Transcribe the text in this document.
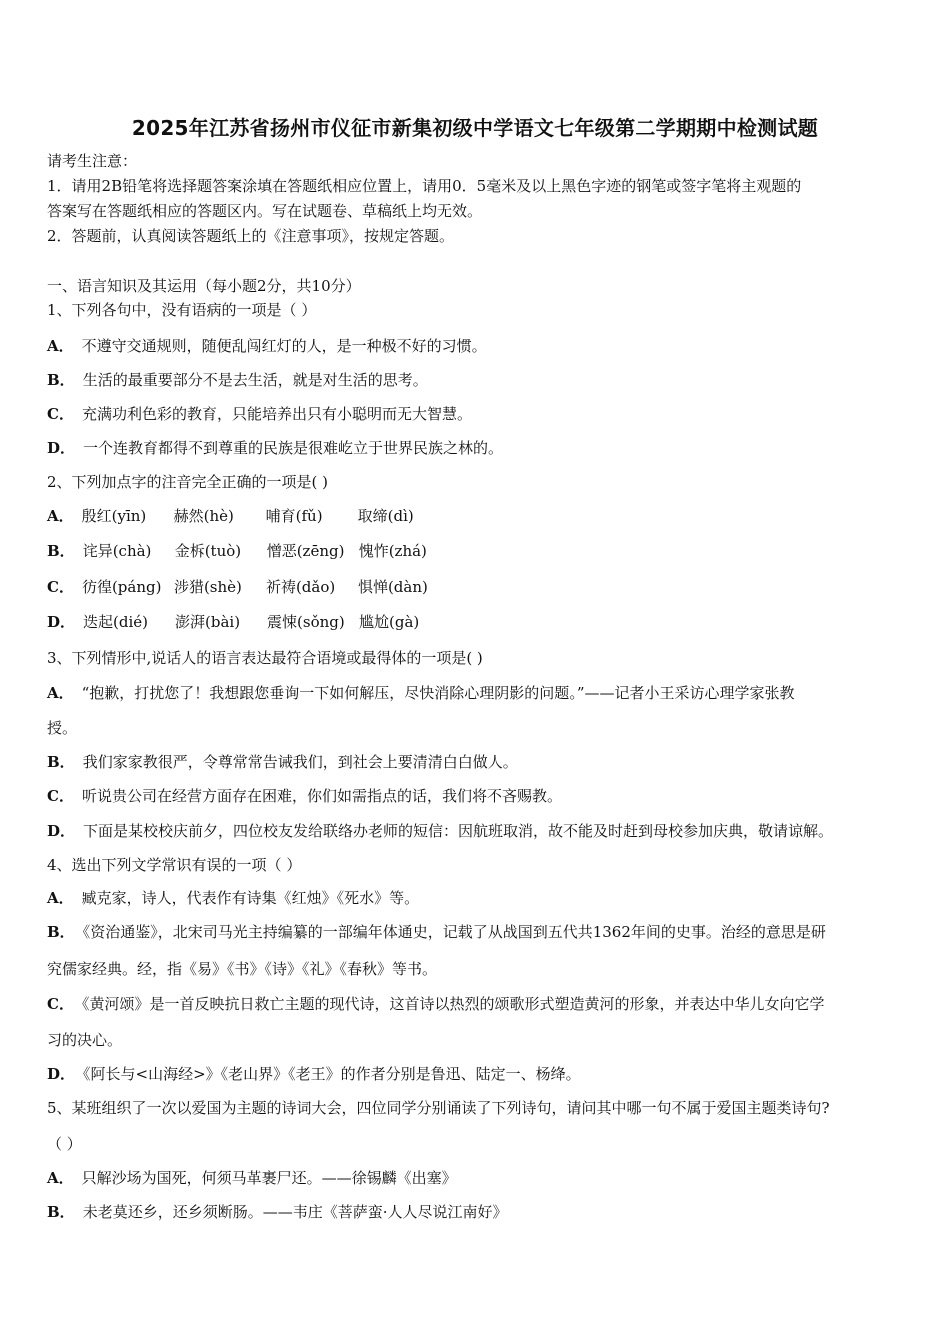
2025年江苏省扬州市仪征市新集初级中学语文七年级第二学期期中检测试题
请考生注意：
1．请用2B铅笔将选择题答案涂填在答题纸相应位置上，请用0．5毫米及以上黑色字迹的钢笔或签字笔将主观题的
答案写在答题纸相应的答题区内。写在试题卷、草稿纸上均无效。
2．答题前，认真阅读答题纸上的《注意事项》，按规定答题。
一、语言知识及其运用（每小题2分，共10分）
1、下列各句中，没有语病的一项是（ ）
A． 不遵守交通规则，随便乱闯红灯的人，是一种极不好的习惯。
B． 生活的最重要部分不是去生活，就是对生活的思考。
C． 充满功利色彩的教育，只能培养出只有小聪明而无大智慧。
D． 一个连教育都得不到尊重的民族是很难屹立于世界民族之林的。
2、下列加点字的注音完全正确的一项是( )
A． 殷红(yīn) 赫然(hè) 哺育(fǔ) 取缔(dì)
B． 诧异(chà) 金柝(tuò) 憎恶(zēng) 愧怍(zhá)
C． 彷徨(páng) 涉猎(shè) 祈祷(dǎo) 惧惮(dàn)
D． 迭起(dié) 澎湃(bài) 震悚(sǒng) 尴尬(gà)
3、下列情形中,说话人的语言表达最符合语境或最得体的一项是( )
A． “抱歉，打扰您了！我想跟您垂询一下如何解压，尽快消除心理阴影的问题。”——记者小王采访心理学家张教
授。
B． 我们家家教很严，令尊常常告诫我们，到社会上要清清白白做人。
C． 听说贵公司在经营方面存在困难，你们如需指点的话，我们将不吝赐教。
D． 下面是某校校庆前夕，四位校友发给联络办老师的短信：因航班取消，故不能及时赶到母校参加庆典，敬请谅解。
4、选出下列文学常识有误的一项（ ）
A． 臧克家，诗人，代表作有诗集《红烛》《死水》等。
B． 《资治通鉴》，北宋司马光主持编纂的一部编年体通史，记载了从战国到五代共1362年间的史事。治经的意思是研
究儒家经典。经，指《易》《书》《诗》《礼》《春秋》等书。
C． 《黄河颂》是一首反映抗日救亡主题的现代诗，这首诗以热烈的颂歌形式塑造黄河的形象，并表达中华儿女向它学
习的决心。
D． 《阿长与<山海经>》《老山界》《老王》的作者分别是鲁迅、陆定一、杨绛。
5、某班组织了一次以爱国为主题的诗词大会，四位同学分别诵读了下列诗句，请问其中哪一句不属于爱国主题类诗句?
（ ）
A． 只解沙场为国死，何须马革裹尸还。——徐锡麟《出塞》
B． 未老莫还乡，还乡须断肠。——韦庄《菩萨蛮·人人尽说江南好》
